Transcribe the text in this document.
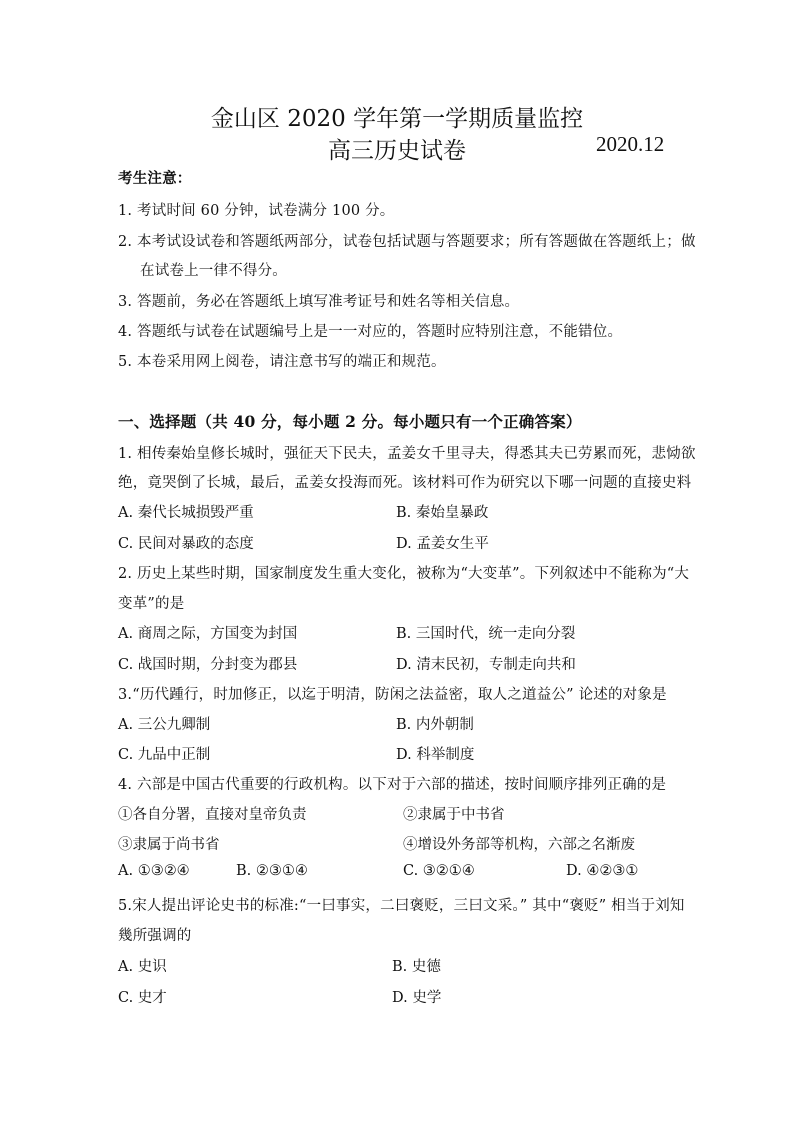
金山区 2020 学年第一学期质量监控
高三历史试卷	2020.12
考生注意：
1. 考试时间 60 分钟，试卷满分 100 分。
2. 本考试设试卷和答题纸两部分，试卷包括试题与答题要求；所有答题做在答题纸上；做
在试卷上一律不得分。
3. 答题前，务必在答题纸上填写准考证号和姓名等相关信息。
4. 答题纸与试卷在试题编号上是一一对应的，答题时应特别注意，不能错位。
5. 本卷采用网上阅卷，请注意书写的端正和规范。
一、选择题（共 40 分，每小题 2 分。每小题只有一个正确答案）
1. 相传秦始皇修长城时，强征天下民夫，孟姜女千里寻夫，得悉其夫已劳累而死，悲恸欲
绝，竟哭倒了长城，最后，孟姜女投海而死。该材料可作为研究以下哪一问题的直接史料
A. 秦代长城损毁严重	B. 秦始皇暴政
C. 民间对暴政的态度	D. 孟姜女生平
2. 历史上某些时期，国家制度发生重大变化，被称为“大变革”。下列叙述中不能称为“大
变革”的是
A. 商周之际，方国变为封国	B. 三国时代，统一走向分裂
C. 战国时期，分封变为郡县	D. 清末民初，专制走向共和
3.“历代踵行，时加修正，以迄于明清，防闲之法益密，取人之道益公” 论述的对象是
A. 三公九卿制	B. 内外朝制
C. 九品中正制	D. 科举制度
4. 六部是中国古代重要的行政机构。以下对于六部的描述，按时间顺序排列正确的是
①各自分署，直接对皇帝负责	②隶属于中书省
③隶属于尚书省	④增设外务部等机构，六部之名渐废
A. ①③②④	B. ②③①④	C. ③②①④	D. ④②③①
5.宋人提出评论史书的标准:“一曰事实，二曰褒贬，三曰文采。” 其中“褒贬” 相当于刘知
幾所强调的
A. 史识	B. 史德
C. 史才	D. 史学
